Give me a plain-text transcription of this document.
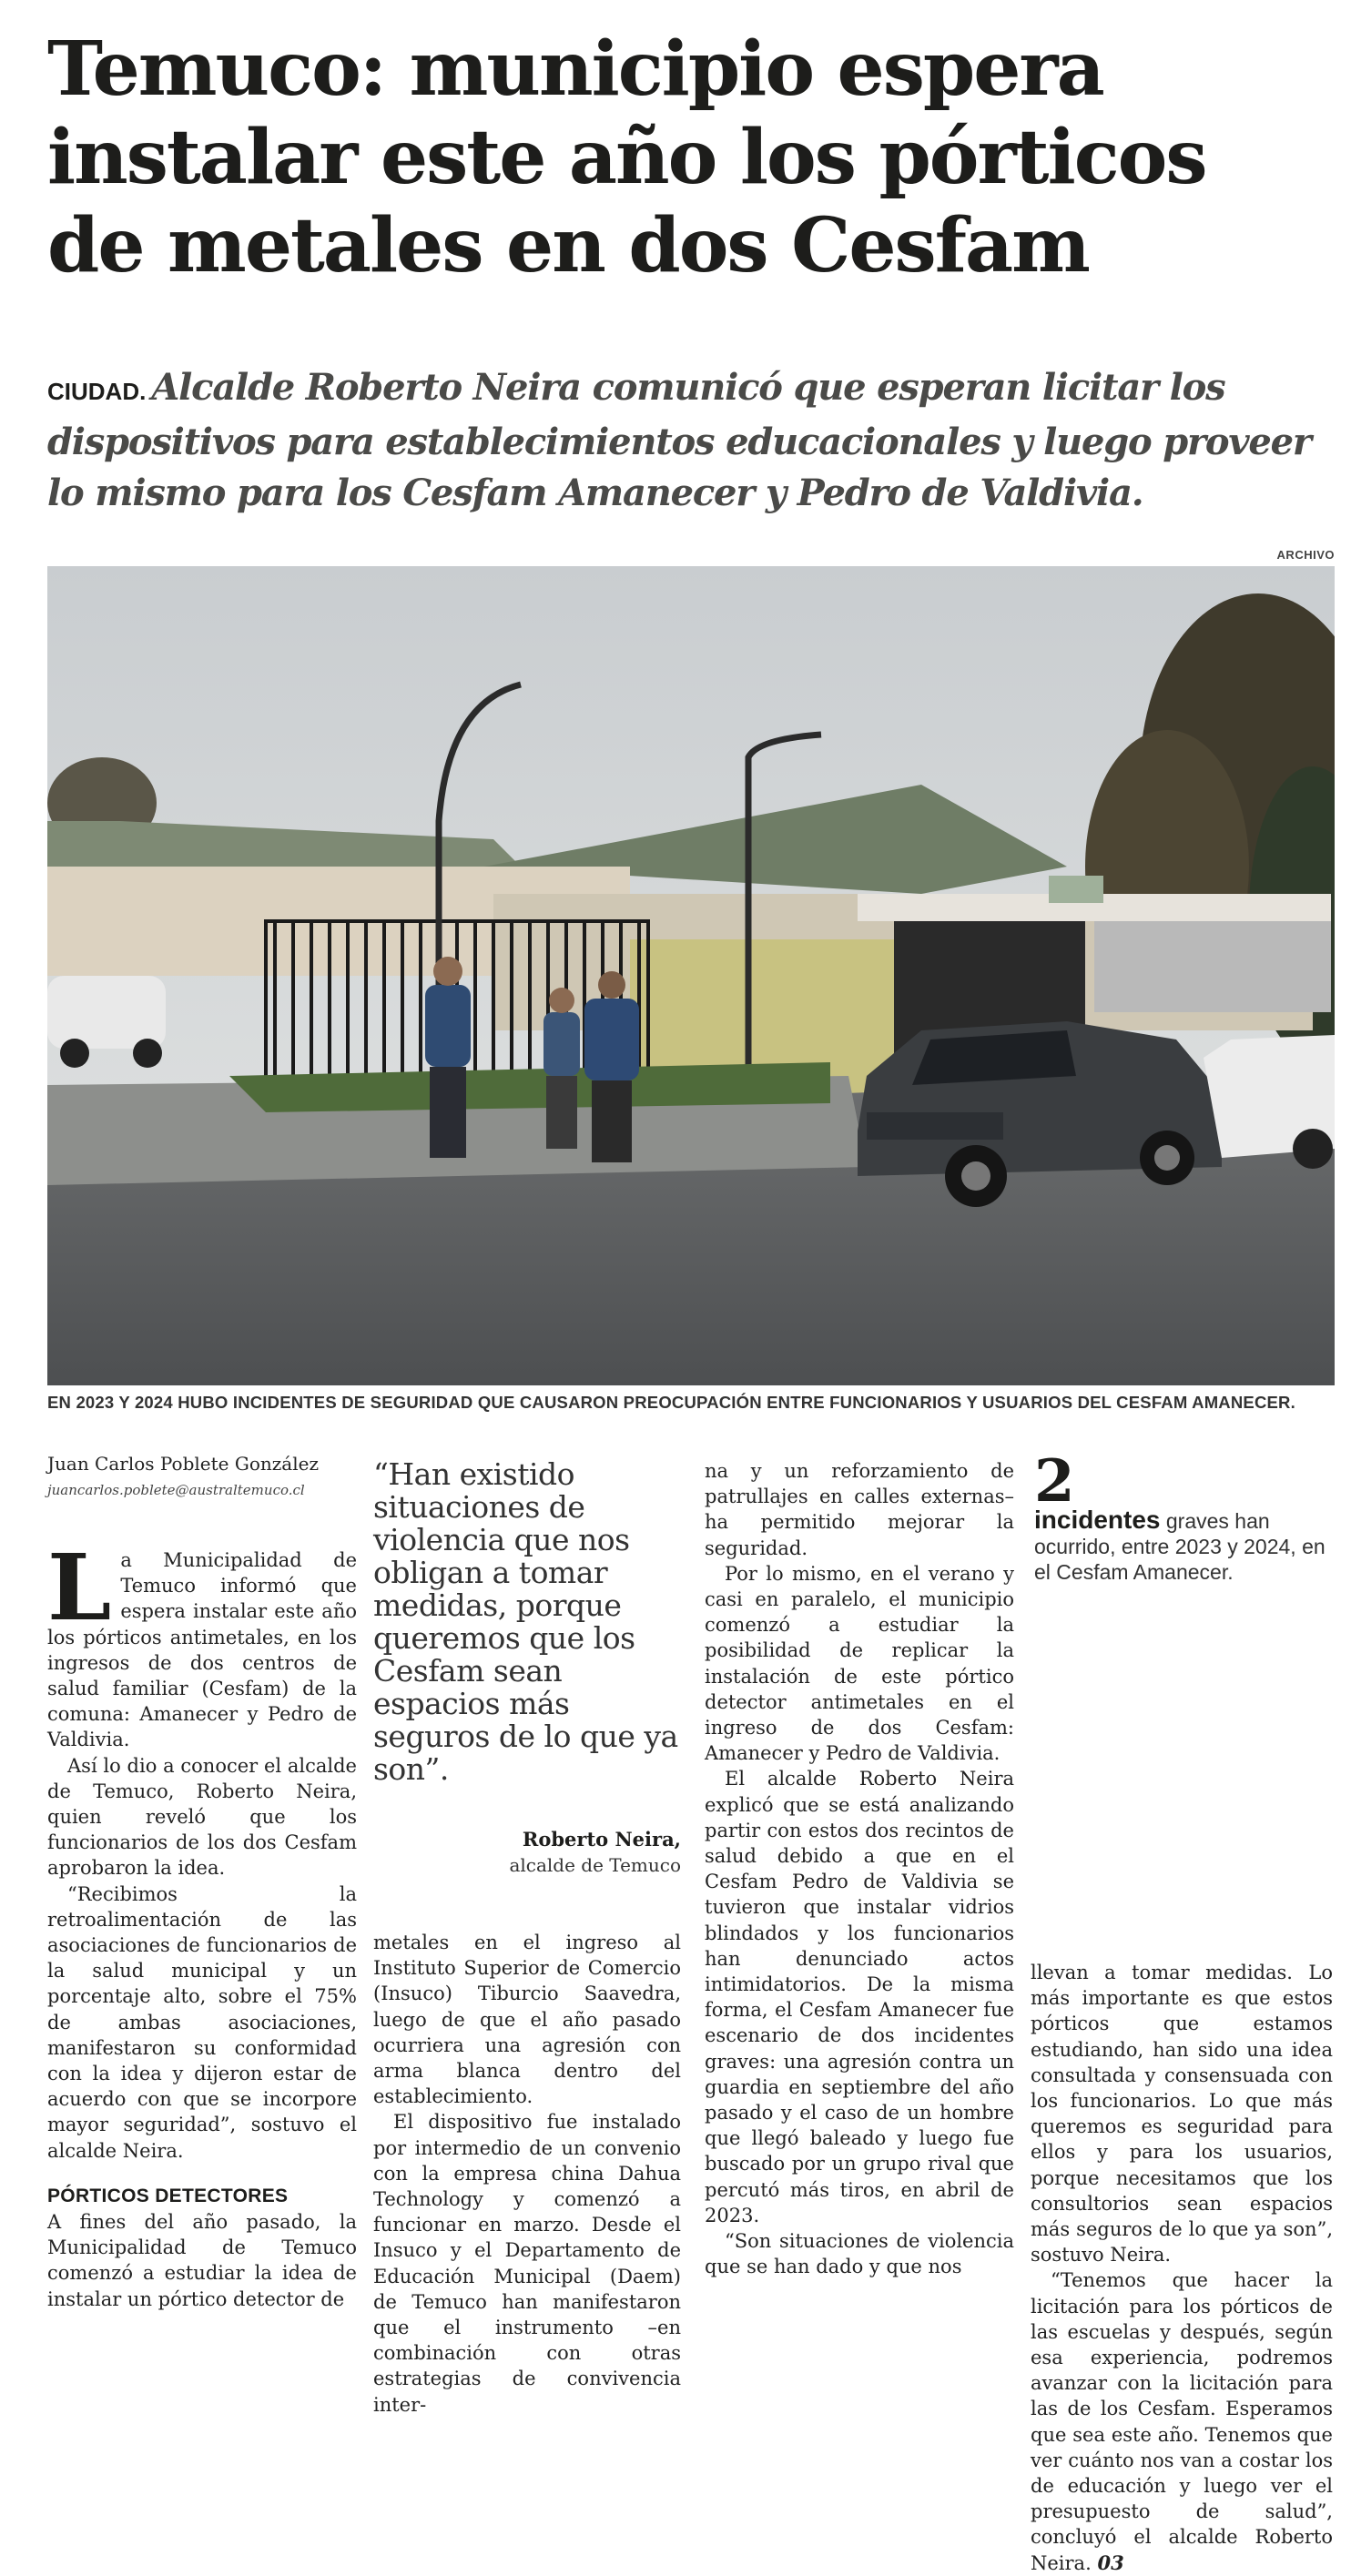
Temuco: municipio espera instalar este año los pórticos de metales en dos Cesfam

CIUDAD. Alcalde Roberto Neira comunicó que esperan licitar los dispositivos para establecimientos educacionales y luego proveer lo mismo para los Cesfam Amanecer y Pedro de Valdivia.

ARCHIVO
EN 2023 Y 2024 HUBO INCIDENTES DE SEGURIDAD QUE CAUSARON PREOCUPACIÓN ENTRE FUNCIONARIOS Y USUARIOS DEL CESFAM AMANECER.
Juan Carlos Poblete González
juancarlos.poblete@australtemuco.cl

La Municipalidad de Temuco informó que espera instalar este año los pórticos antimetales, en los ingresos de dos centros de salud familiar (Cesfam) de la comuna: Amanecer y Pedro de Valdivia.

Así lo dio a conocer el alcalde de Temuco, Roberto Neira, quien reveló que los funcionarios de los dos Cesfam aprobaron la idea.

“Recibimos la retroalimentación de las asociaciones de funcionarios de la salud municipal y un porcentaje alto, sobre el 75% de ambas asociaciones, manifestaron su conformidad con la idea y dijeron estar de acuerdo con que se incorpore mayor seguridad”, sostuvo el alcalde Neira.

PÓRTICOS DETECTORES

A fines del año pasado, la Municipalidad de Temuco comenzó a estudiar la idea de instalar un pórtico detector de

“Han existido situaciones de violencia que nos obligan a tomar medidas, porque queremos que los Cesfam sean espacios más seguros de lo que ya son”.
Roberto Neira,
alcalde de Temuco

metales en el ingreso al Instituto Superior de Comercio (Insuco) Tiburcio Saavedra, luego de que el año pasado ocurriera una agresión con arma blanca dentro del establecimiento.

El dispositivo fue instalado por intermedio de un convenio con la empresa china Dahua Technology y comenzó a funcionar en marzo. Desde el Insuco y el Departamento de Educación Municipal (Daem) de Temuco han manifestaron que el instrumento –en combinación con otras estrategias de convivencia inter-

na y un reforzamiento de patrullajes en calles externas– ha permitido mejorar la seguridad.

Por lo mismo, en el verano y casi en paralelo, el municipio comenzó a estudiar la posibilidad de replicar la instalación de este pórtico detector antimetales en el ingreso de dos Cesfam: Amanecer y Pedro de Valdivia.

El alcalde Roberto Neira explicó que se está analizando partir con estos dos recintos de salud debido a que en el Cesfam Pedro de Valdivia se tuvieron que instalar vidrios blindados y los funcionarios han denunciado actos intimidatorios. De la misma forma, el Cesfam Amanecer fue escenario de dos incidentes graves: una agresión contra un guardia en septiembre del año pasado y el caso de un hombre que llegó baleado y luego fue buscado por un grupo rival que percutó más tiros, en abril de 2023.

“Son situaciones de violencia que se han dado y que nos

2
incidentes graves han ocurrido, entre 2023 y 2024, en el Cesfam Amanecer.

llevan a tomar medidas. Lo más importante es que estos pórticos que estamos estudiando, han sido una idea consultada y consensuada con los funcionarios. Lo que más queremos es seguridad para ellos y para los usuarios, porque necesitamos que los consultorios sean espacios más seguros de lo que ya son”, sostuvo Neira.

“Tenemos que hacer la licitación para los pórticos de las escuelas y después, según esa experiencia, podremos avanzar con la licitación para las de los Cesfam. Esperamos que sea este año. Tenemos que ver cuánto nos van a costar los de educación y luego ver el presupuesto de salud”, concluyó el alcalde Roberto Neira. 03
